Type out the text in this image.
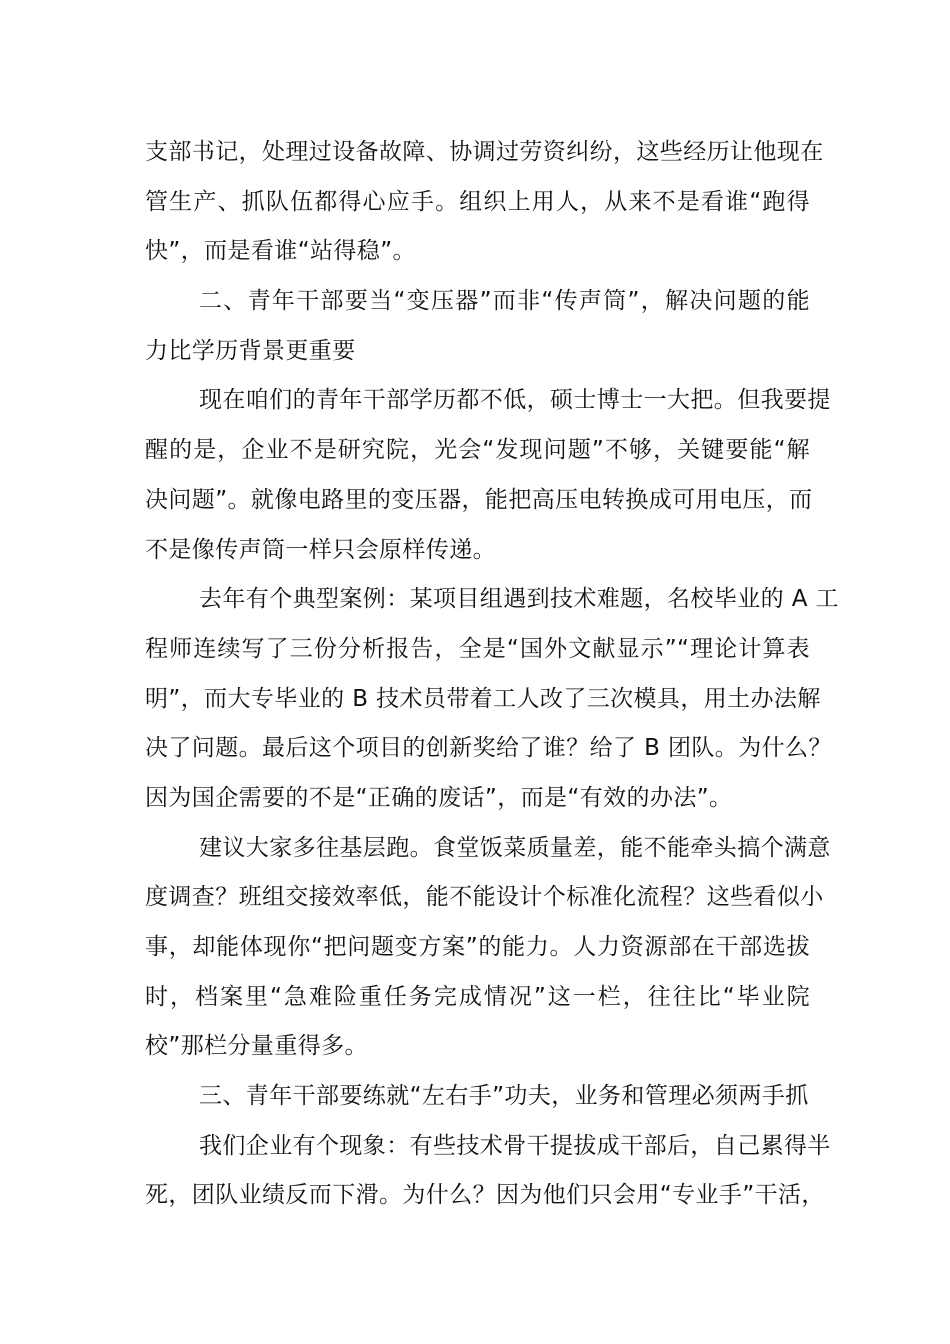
支部书记，处理过设备故障、协调过劳资纠纷，这些经历让他现在
管生产、抓队伍都得心应手。组织上用人，从来不是看谁“跑得
快”，而是看谁“站得稳”。
二、青年干部要当“变压器”而非“传声筒”，解决问题的能
力比学历背景更重要
现在咱们的青年干部学历都不低，硕士博士一大把。但我要提
醒的是，企业不是研究院，光会“发现问题”不够，关键要能“解
决问题”。就像电路里的变压器，能把高压电转换成可用电压，而
不是像传声筒一样只会原样传递。
去年有个典型案例：某项目组遇到技术难题，名校毕业的 A 工
程师连续写了三份分析报告，全是“国外文献显示”“理论计算表
明”，而大专毕业的 B 技术员带着工人改了三次模具，用土办法解
决了问题。最后这个项目的创新奖给了谁？给了 B 团队。为什么？
因为国企需要的不是“正确的废话”，而是“有效的办法”。
建议大家多往基层跑。食堂饭菜质量差，能不能牵头搞个满意
度调查？班组交接效率低，能不能设计个标准化流程？这些看似小
事，却能体现你“把问题变方案”的能力。人力资源部在干部选拔
时，档案里“急难险重任务完成情况”这一栏，往往比“毕业院
校”那栏分量重得多。
三、青年干部要练就“左右手”功夫，业务和管理必须两手抓
我们企业有个现象：有些技术骨干提拔成干部后，自己累得半
死，团队业绩反而下滑。为什么？因为他们只会用“专业手”干活，
